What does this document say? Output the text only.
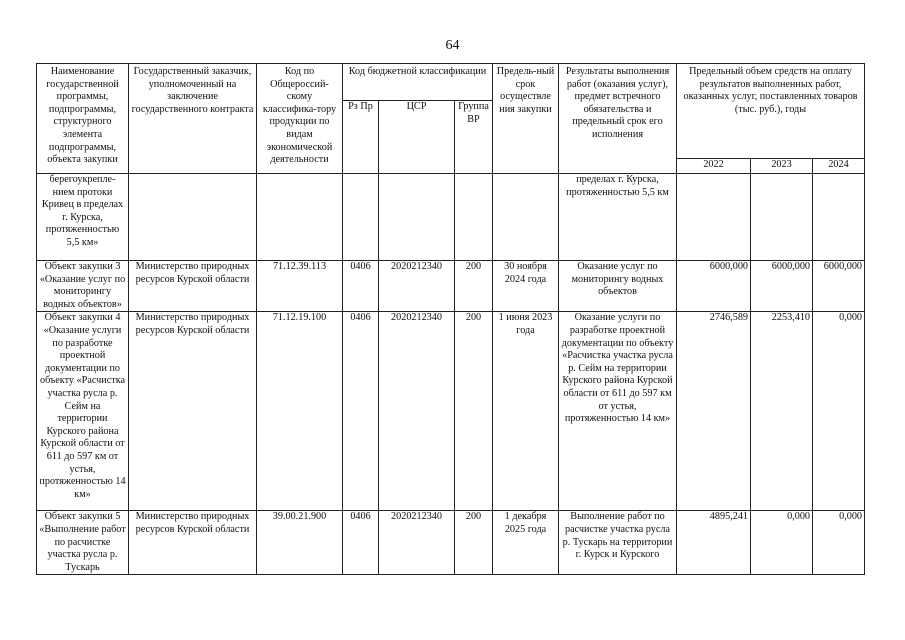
64
Наименование государственной программы, подпрограммы, структурного элемента подпрограммы, объекта закупки	Государственный заказчик, уполномоченный на заключение государственного контракта	Код по Общероссий-скому классифика-тору продукции по видам экономической деятельности	Код бюджетной классификации			Предель-ный срок осуществле ния закупки	Результаты выполнения работ (оказания услуг), предмет встречного обязательства и предельный срок его исполнения	Предельный объем средств на оплату результатов выполненных работ, оказанных услуг, поставленных товаров (тыс. руб.), годы		
			Рз Пр	ЦСР	Группа ВР					
								2022	2023	2024
берегоукрепле-нием протоки Кривец в пределах г. Курска, протяженностью 5,5 км»							пределах г. Курска, протяженностью 5,5 км			
Объект закупки 3 «Оказание услуг по мониторингу водных объектов»	Министерство природных ресурсов Курской области	71.12.39.113	0406	2020212340	200	30 ноября 2024 года	Оказание услуг по мониторингу водных объектов	6000,000	6000,000	6000,000
Объект закупки 4 «Оказание услуги по разработке проектной документации по объекту «Расчистка участка русла р. Сейм на территории Курского района Курской области от 611 до 597 км от устья, протяженностью 14 км»	Министерство природных ресурсов Курской области	71.12.19.100	0406	2020212340	200	1 июня 2023 года	Оказание услуги по разработке проектной документации по объекту «Расчистка участка русла р. Сейм на территории Курского района Курской области от 611 до 597 км от устья, протяженностью 14 км»	2746,589	2253,410	0,000
Объект закупки 5 «Выполнение работ по расчистке участка русла р. Тускарь	Министерство природных ресурсов Курской области	39.00.21.900	0406	2020212340	200	1 декабря 2025 года	Выполнение работ по расчистке участка русла р. Тускарь на территории г. Курск и Курского	4895,241	0,000	0,000
